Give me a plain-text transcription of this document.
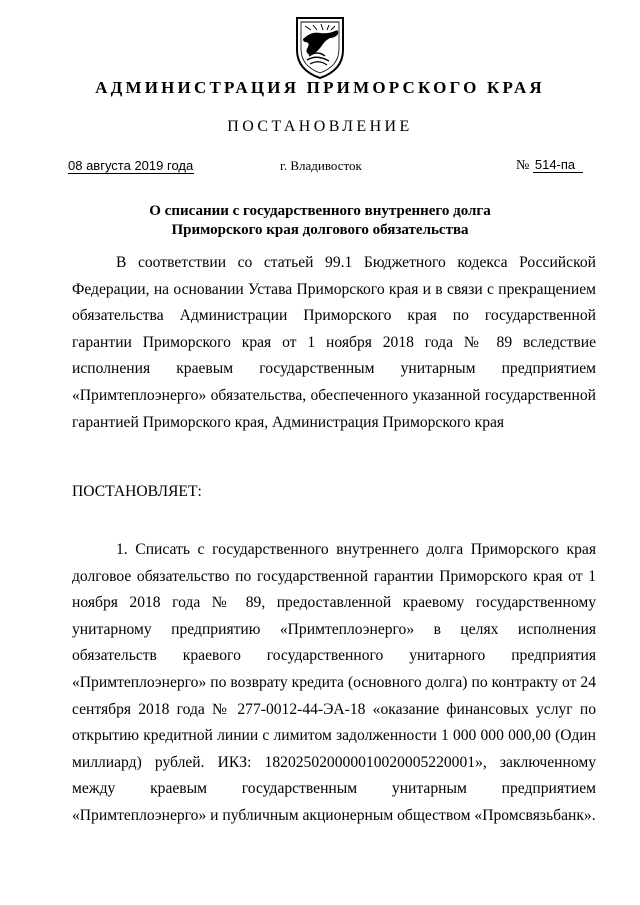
АДМИНИСТРАЦИЯ ПРИМОРСКОГО КРАЯ
ПОСТАНОВЛЕНИЕ
08 августа 2019 года	г. Владивосток	№ 514-па
О списании с государственного внутреннего долга
Приморского края долгового обязательства
В соответствии со статьей 99.1 Бюджетного кодекса Российской Федерации, на основании Устава Приморского края и в связи с прекращением обязательства Администрации Приморского края по государственной гарантии Приморского края от 1 ноября 2018 года № 89 вследствие исполнения краевым государственным унитарным предприятием «Примтеплоэнерго» обязательства, обеспеченного указанной государственной гарантией Приморского края, Администрация Приморского края
ПОСТАНОВЛЯЕТ:
1. Списать с государственного внутреннего долга Приморского края долговое обязательство по государственной гарантии Приморского края от 1 ноября 2018 года № 89, предоставленной краевому государственному унитарному предприятию «Примтеплоэнерго» в целях исполнения обязательств краевого государственного унитарного предприятия «Примтеплоэнерго» по возврату кредита (основного долга) по контракту от 24 сентября 2018 года № 277-0012-44-ЭА-18 «оказание финансовых услуг по открытию кредитной линии с лимитом задолженности 1 000 000 000,00 (Один миллиард) рублей. ИКЗ: 182025020000010020005220001», заключенному между краевым государственным унитарным предприятием «Примтеплоэнерго» и публичным акционерным обществом «Промсвязьбанк».
